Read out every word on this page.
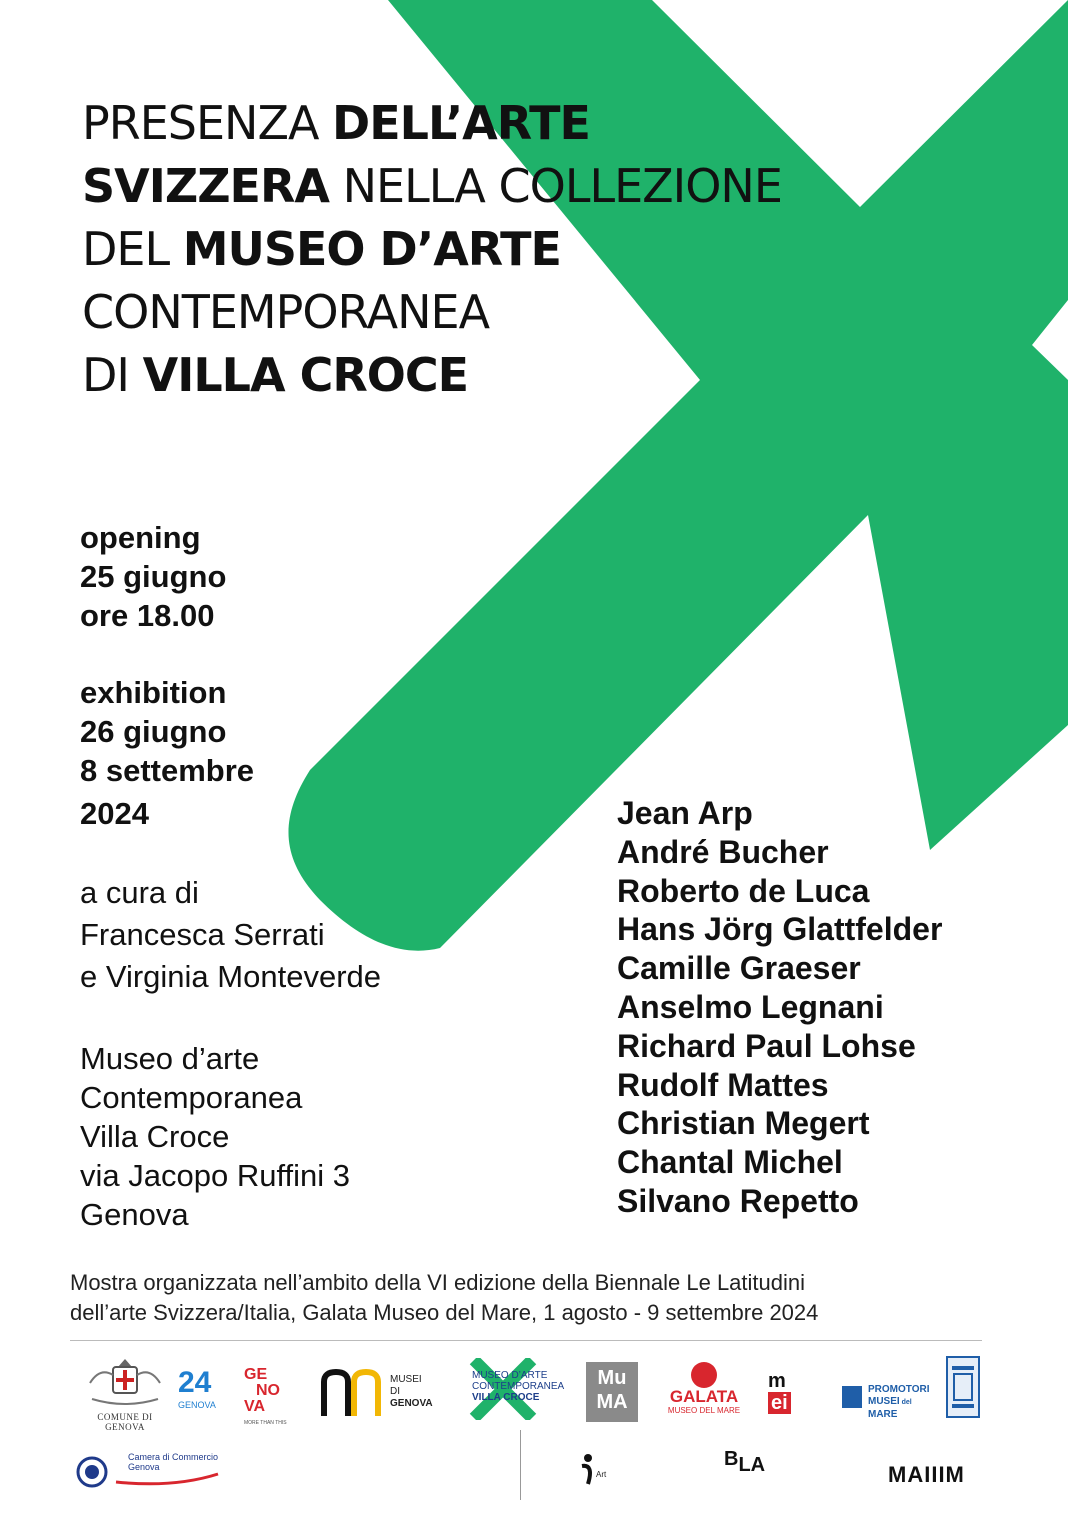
PRESENZA DELL’ARTE
SVIZZERA NELLA COLLEZIONE
DEL MUSEO D’ARTE
CONTEMPORANEA
DI VILLA CROCE
opening
25 giugno
ore 18.00
exhibition
26 giugno
8 settembre
2024
a cura di
Francesca Serrati
e Virginia Monteverde
Museo d’arte
Contemporanea
Villa Croce
via Jacopo Ruffini 3
Genova
Jean Arp
André Bucher
Roberto de Luca
Hans Jörg Glattfelder
Camille Graeser
Anselmo Legnani
Richard Paul Lohse
Rudolf Mattes
Christian Megert
Chantal Michel
Silvano Repetto
Mostra organizzata nell’ambito della VI edizione della Biennale Le Latitudini
dell’arte Svizzera/Italia, Galata Museo del Mare, 1 agosto - 9 settembre 2024
COMUNE DI GENOVA
24
GENOVA
GE
NO
VA
MORE THAN THIS
MUSEI
DI
GENOVA
MUSEO D’ARTE
CONTEMPORANEA
VILLA CROCE
Mu
MA	GALATA
MUSEO DEL MARE
m
ei
PROMOTORI
MUSEI del MARE
Camera di Commercio
Genova
Art
BLA	MAIIIM
